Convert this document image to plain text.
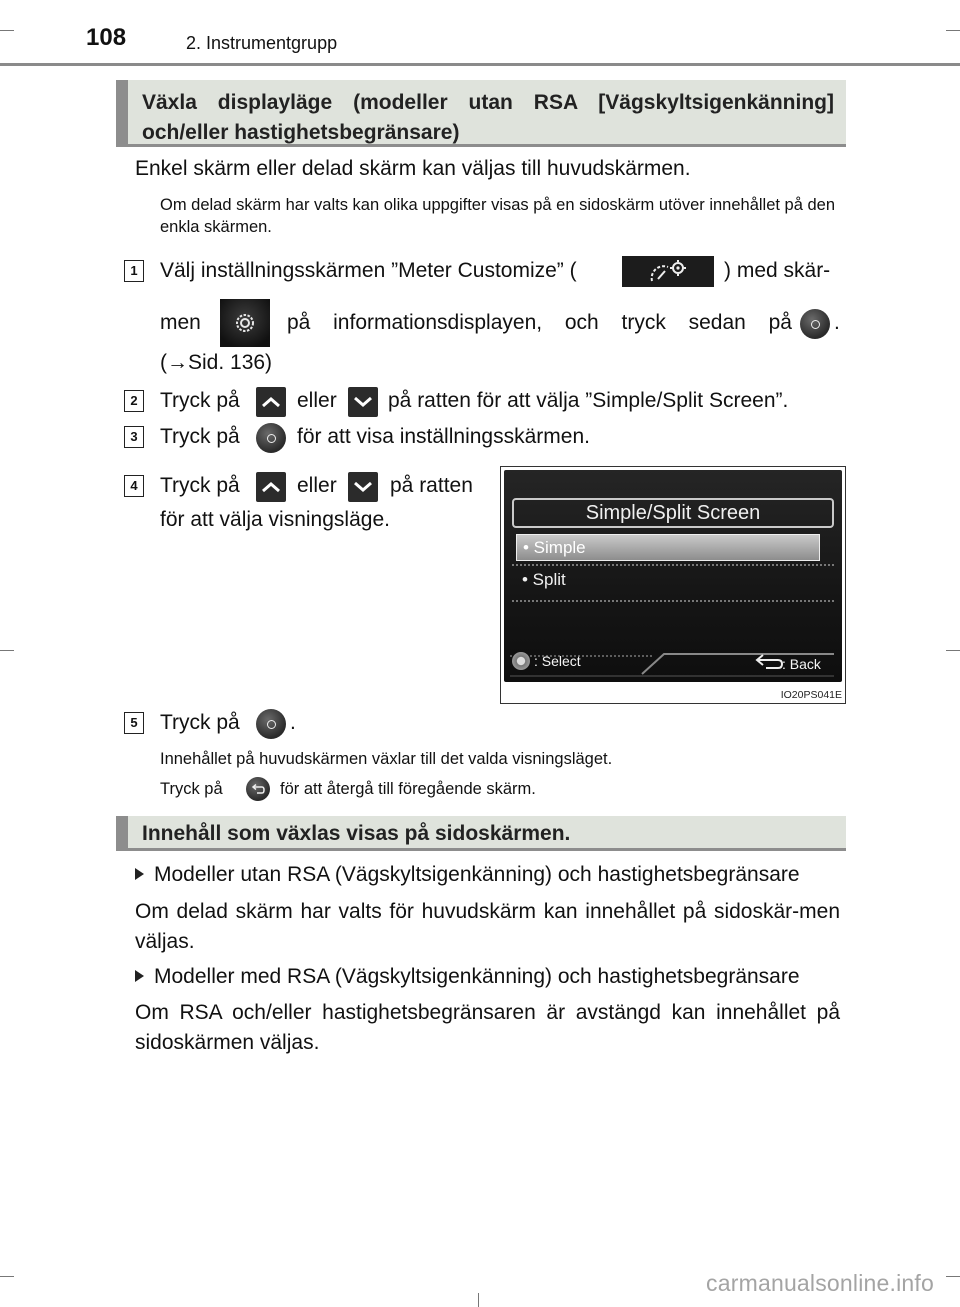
108	2. Instrumentgrupp
Växla displayläge (modeller utan RSA [Vägskyltsigenkänning] och/eller hastighetsbegränsare)
Enkel skärm eller delad skärm kan väljas till huvudskärmen.
Om delad skärm har valts kan olika uppgifter visas på en sidoskärm utöver innehållet på den enkla skärmen.
1	Välj inställningsskärmen ”Meter Customize” (	) med skär-
men	på informationsdisplayen, och tryck sedan på .
(→Sid. 136)
2	Tryck på	eller på ratten för att välja ”Simple/Split Screen”.
3	Tryck på	för att visa inställningsskärmen.
4	Tryck på	eller	på ratten
för att välja visningsläge.	Simple/Split Screen
• Simple
• Split
: Select	: Back
IO20PS041E
5	Tryck på .
Innehållet på huvudskärmen växlar till det valda visningsläget.
Tryck på	för att återgå till föregående skärm.
Innehåll som växlas visas på sidoskärmen.
Modeller utan RSA (Vägskyltsigenkänning) och hastighetsbegränsare
Om delad skärm har valts för huvudskärm kan innehållet på sidoskär-men väljas.
Modeller med RSA (Vägskyltsigenkänning) och hastighetsbegränsare
Om RSA och/eller hastighetsbegränsaren är avstängd kan innehållet på sidoskärmen väljas.
carmanualsonline.info
